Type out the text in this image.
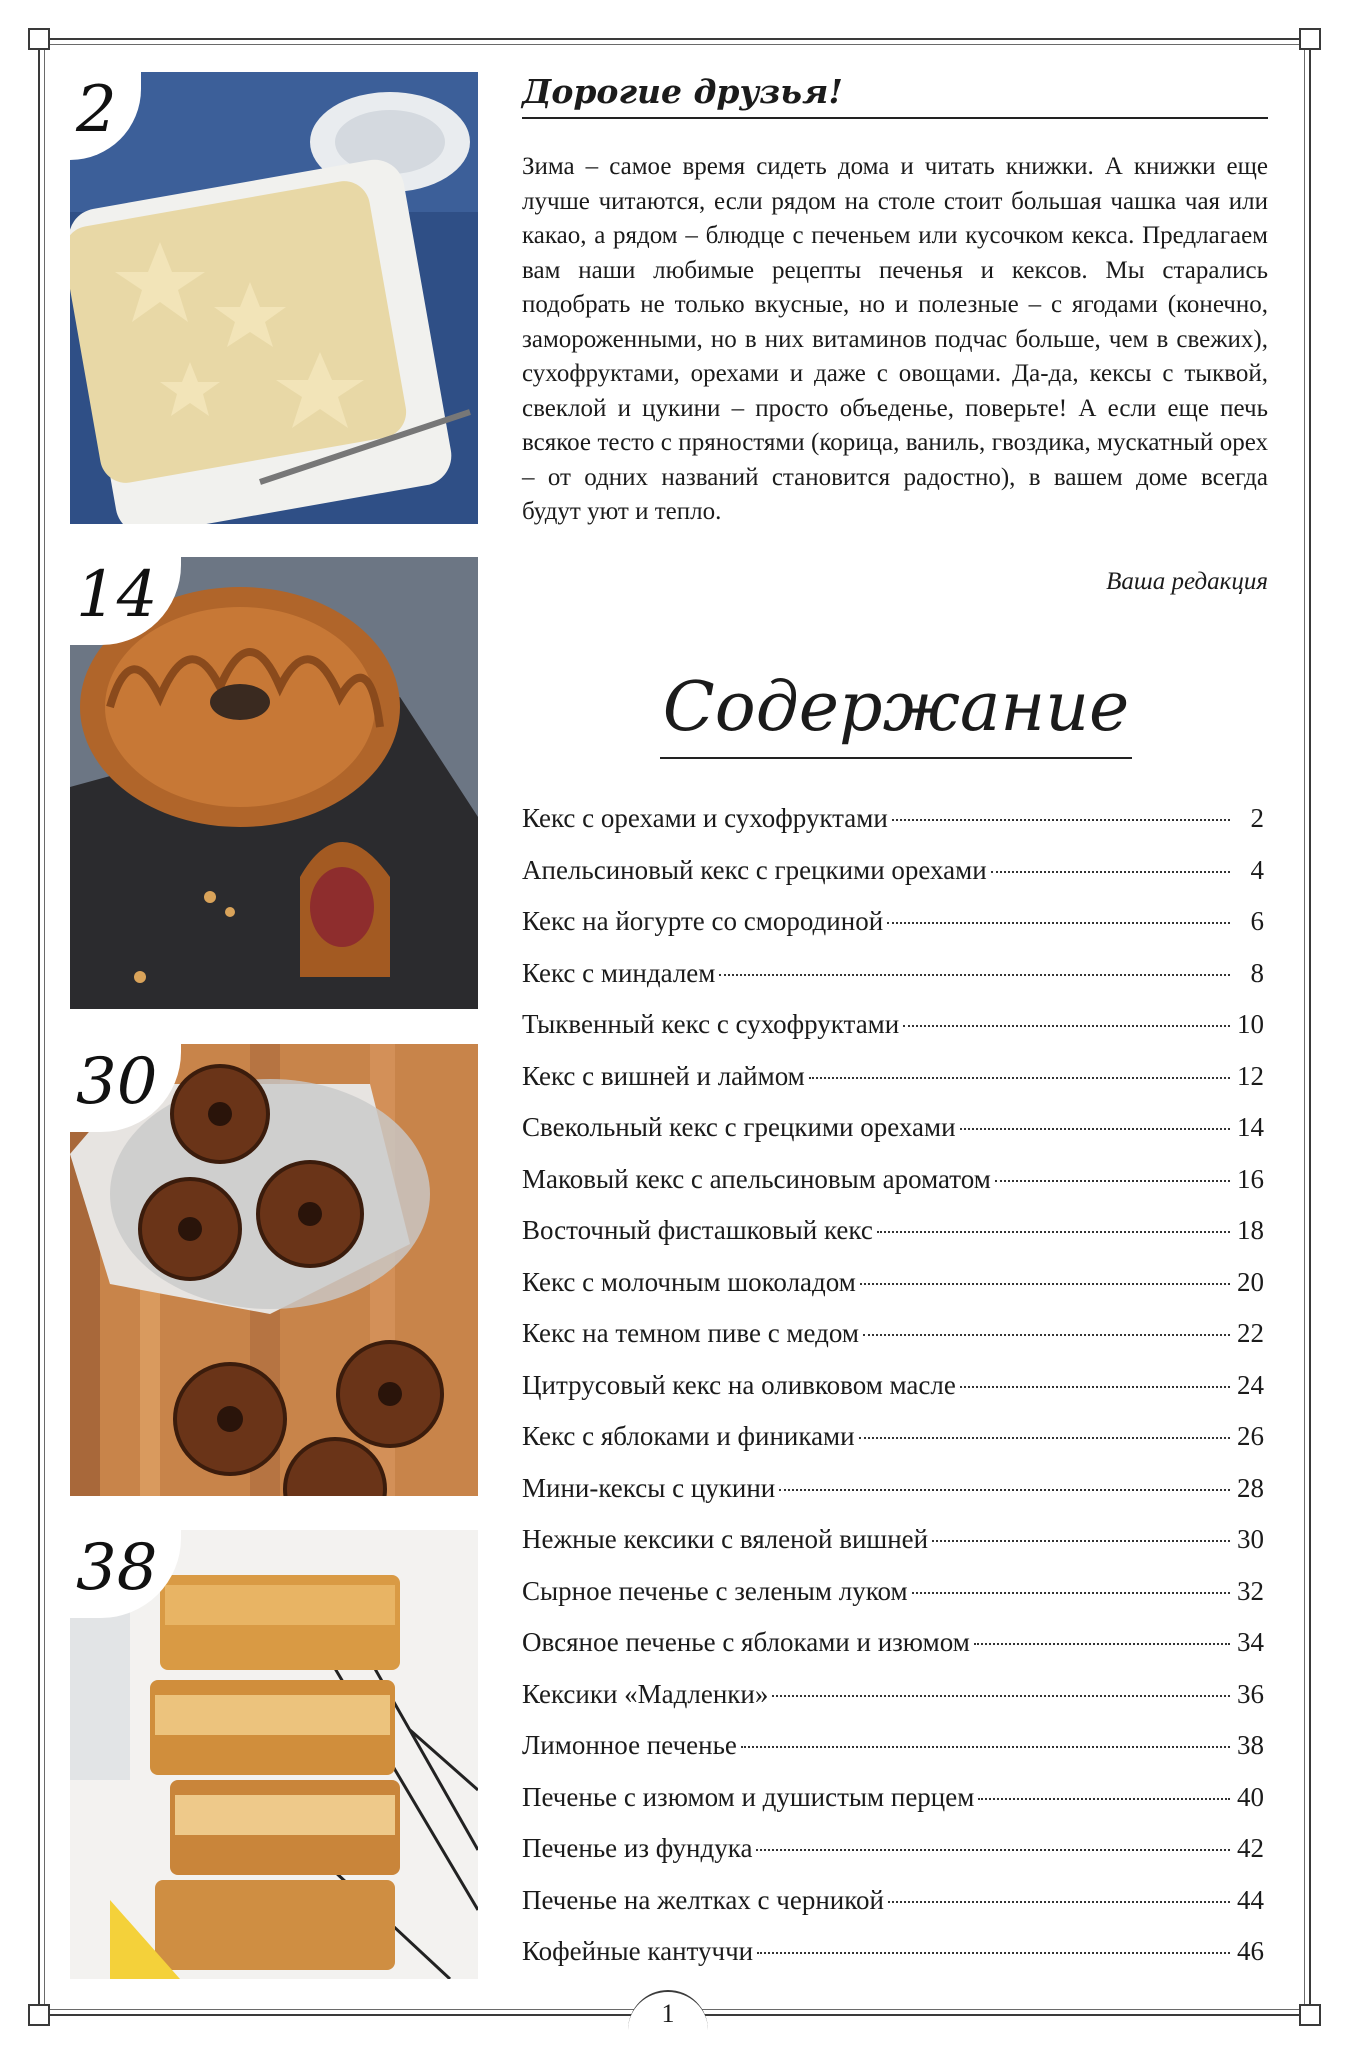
2
14
30
38
Дорогие друзья!

Зима – самое время сидеть дома и читать книжки. А книжки еще лучше читаются, если рядом на столе стоит большая чашка чая или какао, а рядом – блюдце с печеньем или кусочком кекса. Предлагаем вам наши любимые рецепты печенья и кексов. Мы старались подобрать не только вкусные, но и полезные – с ягодами (конечно, замороженными, но в них витаминов подчас больше, чем в свежих), сухофруктами, орехами и даже с овощами. Да-да, кексы с тыквой, свеклой и цукини – просто объеденье, поверьте! А если еще печь всякое тесто с пряностями (корица, ваниль, гвоздика, мускатный орех – от одних названий становится радостно), в вашем доме всегда будут уют и тепло.

Ваша редакция
Содержание
Кекс с орехами и сухофруктами	2
Апельсиновый кекс с грецкими орехами	4
Кекс на йогурте со смородиной	6
Кекс с миндалем	8
Тыквенный кекс с сухофруктами	10
Кекс с вишней и лаймом	12
Свекольный кекс с грецкими орехами	14
Маковый кекс с апельсиновым ароматом	16
Восточный фисташковый кекс	18
Кекс с молочным шоколадом	20
Кекс на темном пиве с медом	22
Цитрусовый кекс на оливковом масле	24
Кекс с яблоками и финиками	26
Мини-кексы с цукини	28
Нежные кексики с вяленой вишней	30
Сырное печенье с зеленым луком	32
Овсяное печенье с яблоками и изюмом	34
Кексики «Мадленки»	36
Лимонное печенье	38
Печенье с изюмом и душистым перцем	40
Печенье из фундука	42
Печенье на желтках с черникой	44
Кофейные кантуччи	46
1
